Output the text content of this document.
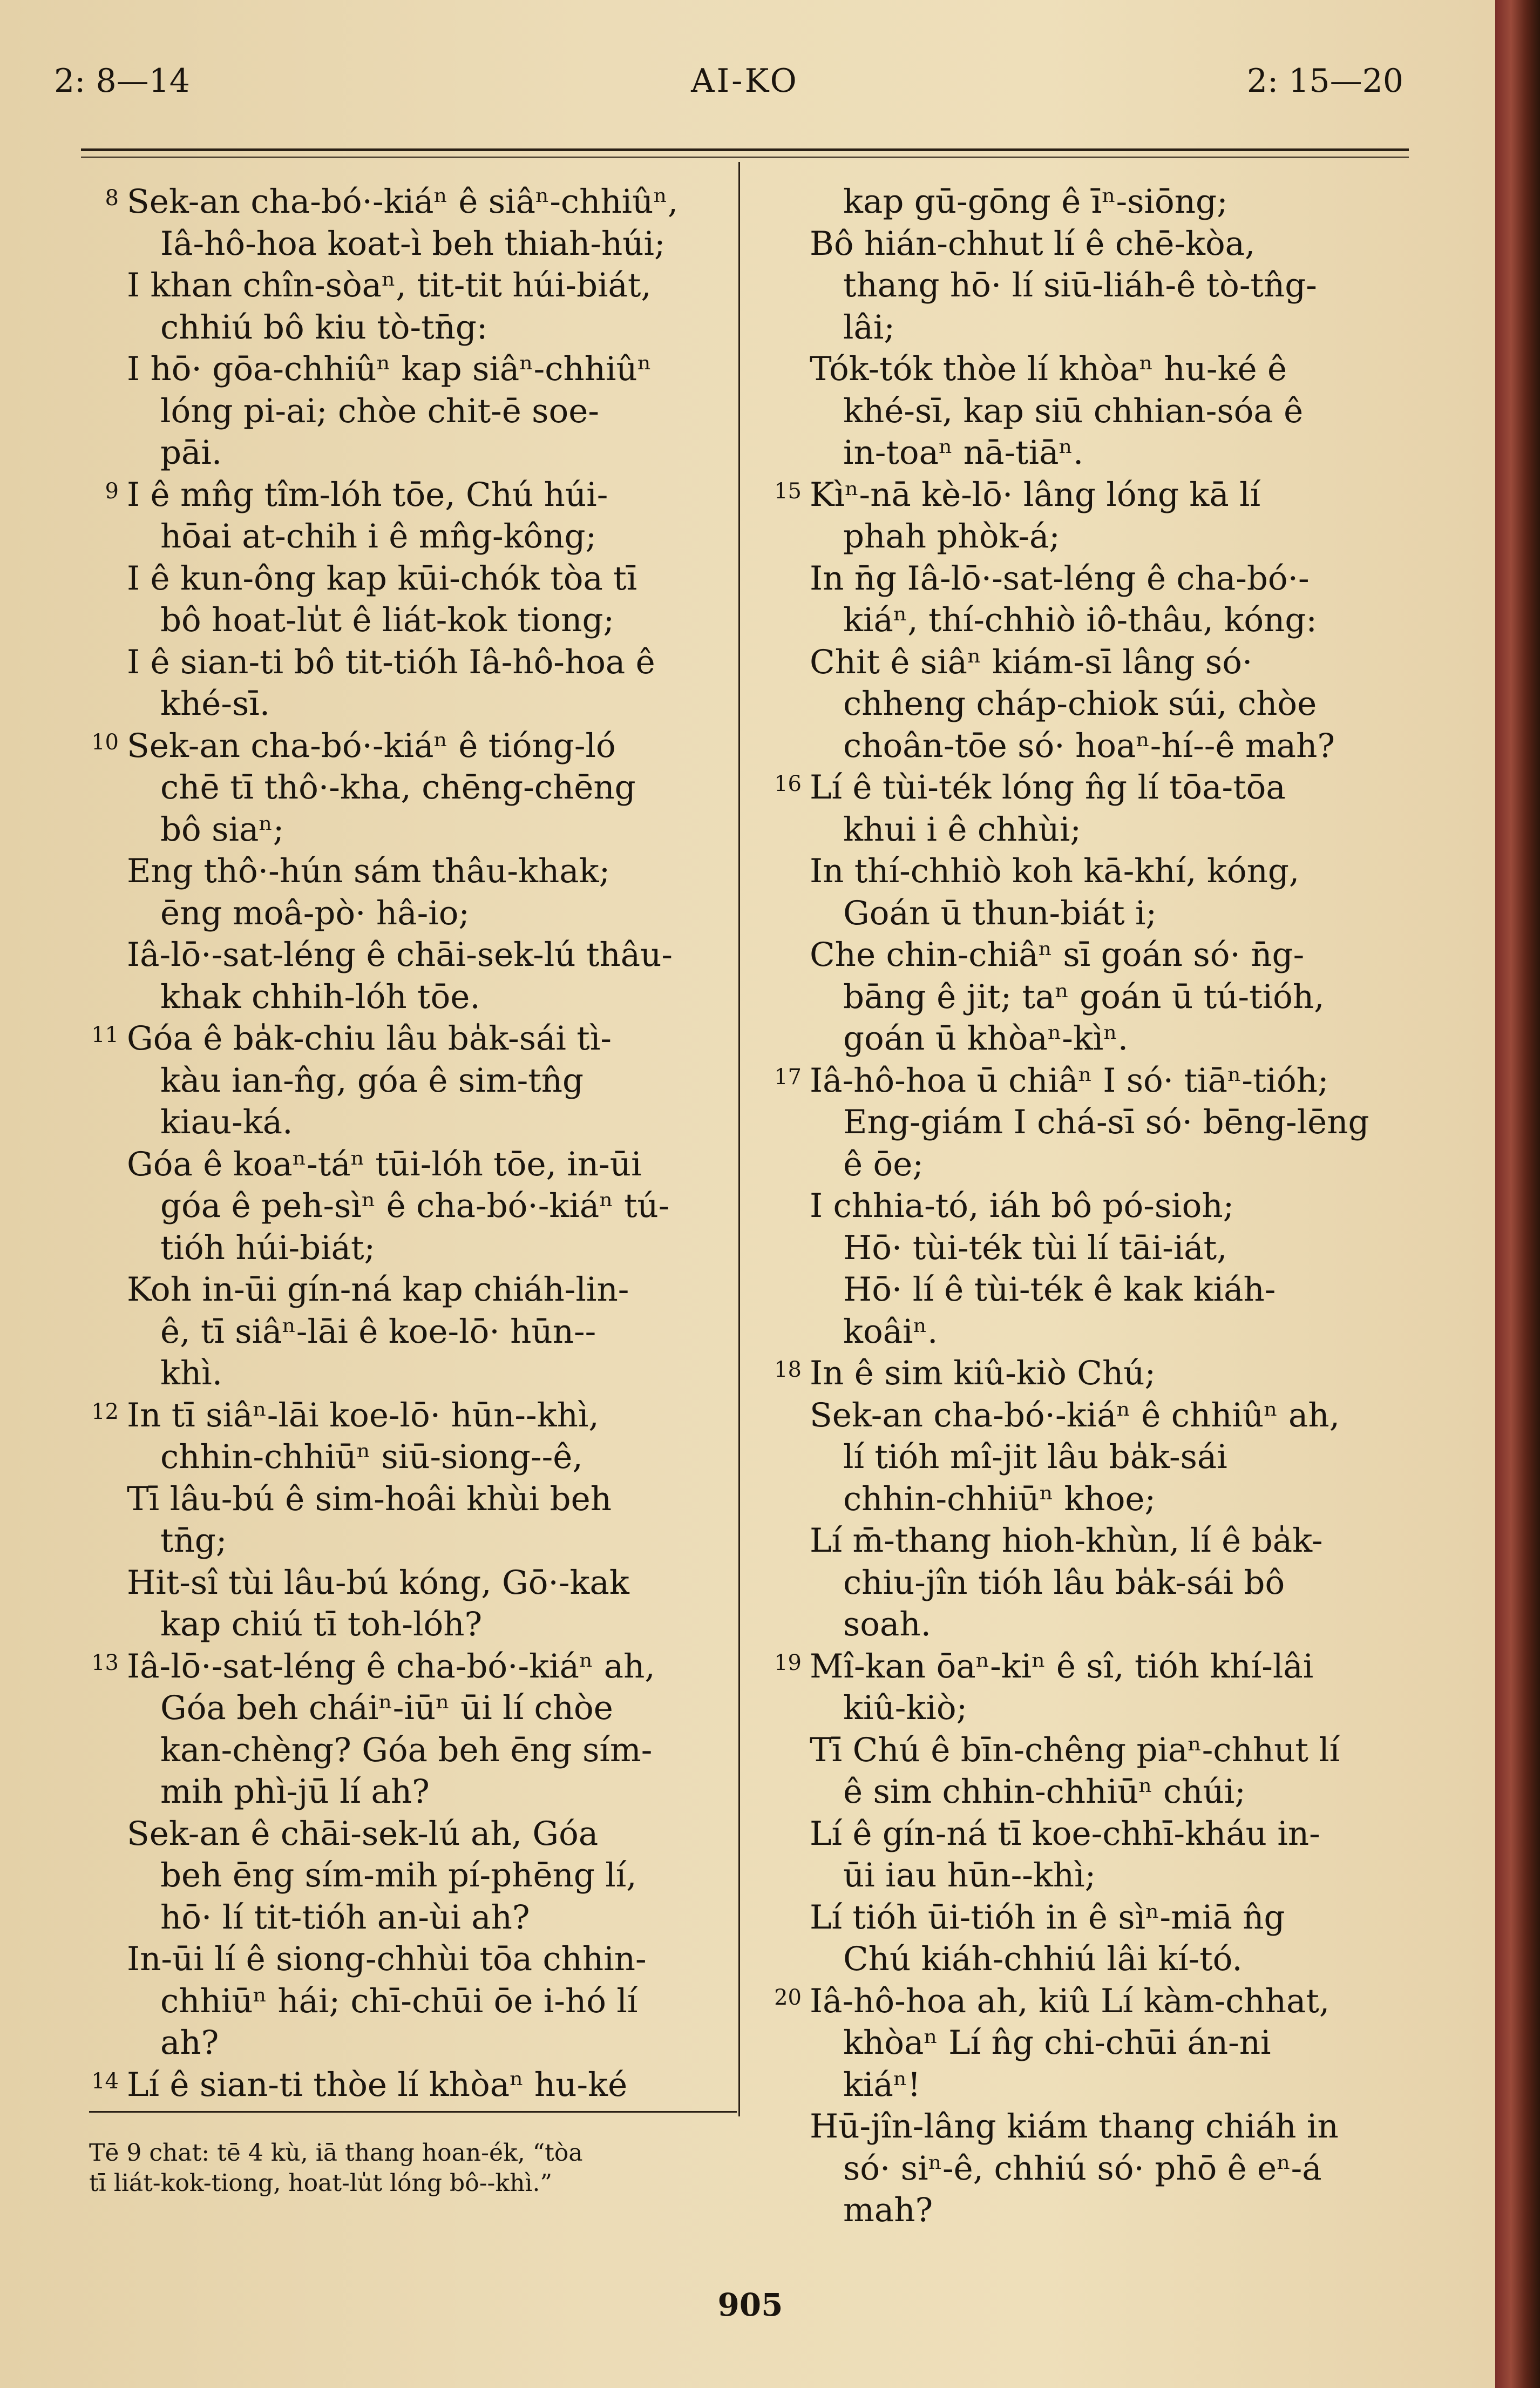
2: 8—14	AI-KO	2: 15—20
8 Sek-an cha-bó·-kiáⁿ ê siâⁿ-chhiûⁿ,
Iâ-hô-hoa koat-ì beh thiah-húi;
I khan chîn-sòaⁿ, tit-tit húi-biát,
chhiú bô kiu tò-tn̄g:
I hō· gōa-chhiûⁿ kap siâⁿ-chhiûⁿ
lóng pi-ai; chòe chit-ē soe-
pāi.
9 I ê mn̂g tîm-lóh tōe, Chú húi-
hōai at-chih i ê mn̂g-kông;
I ê kun-ông kap kūi-chók tòa tī
bô hoat-lu̍t ê liát-kok tiong;
I ê sian-ti bô tit-tióh Iâ-hô-hoa ê
khé-sī.
10 Sek-an cha-bó·-kiáⁿ ê tióng-ló
chē tī thô·-kha, chēng-chēng
bô siaⁿ;
Eng thô·-hún sám thâu-khak;
ēng moâ-pò· hâ-io;
Iâ-lō·-sat-léng ê chāi-sek-lú thâu-
khak chhih-lóh tōe.
11 Góa ê ba̍k-chiu lâu ba̍k-sái tì-
kàu ian-n̂g, góa ê sim-tn̂g
kiau-ká.
Góa ê koaⁿ-táⁿ tūi-lóh tōe, in-ūi
góa ê peh-sìⁿ ê cha-bó·-kiáⁿ tú-
tióh húi-biát;
Koh in-ūi gín-ná kap chiáh-lin-
ê, tī siâⁿ-lāi ê koe-lō· hūn--
khì.
12 In tī siâⁿ-lāi koe-lō· hūn--khì,
chhin-chhiūⁿ siū-siong--ê,
Tī lâu-bú ê sim-hoâi khùi beh
tn̄g;
Hit-sî tùi lâu-bú kóng, Gō·-kak
kap chiú tī toh-lóh?
13 Iâ-lō·-sat-léng ê cha-bó·-kiáⁿ ah,
Góa beh cháiⁿ-iūⁿ ūi lí chòe
kan-chèng? Góa beh ēng sím-
mih phì-jū lí ah?
Sek-an ê chāi-sek-lú ah, Góa
beh ēng sím-mih pí-phēng lí,
hō· lí tit-tióh an-ùi ah?
In-ūi lí ê siong-chhùi tōa chhin-
chhiūⁿ hái; chī-chūi ōe i-hó lí
ah?
14 Lí ê sian-ti thòe lí khòaⁿ hu-ké
kap gū-gōng ê īⁿ-siōng;
Bô hián-chhut lí ê chē-kòa,
thang hō· lí siū-liáh-ê tò-tn̂g-
lâi;
Tók-tók thòe lí khòaⁿ hu-ké ê
khé-sī, kap siū chhian-sóa ê
in-toaⁿ nā-tiāⁿ.
15 Kìⁿ-nā kè-lō· lâng lóng kā lí
phah phòk-á;
In n̄g Iâ-lō·-sat-léng ê cha-bó·-
kiáⁿ, thí-chhiò iô-thâu, kóng:
Chit ê siâⁿ kiám-sī lâng só·
chheng cháp-chiok súi, chòe
choân-tōe só· hoaⁿ-hí--ê mah?
16 Lí ê tùi-ték lóng n̂g lí tōa-tōa
khui i ê chhùi;
In thí-chhiò koh kā-khí, kóng,
Goán ū thun-biát i;
Che chin-chiâⁿ sī goán só· n̄g-
bāng ê jit; taⁿ goán ū tú-tióh,
goán ū khòaⁿ-kìⁿ.
17 Iâ-hô-hoa ū chiâⁿ I só· tiāⁿ-tióh;
Eng-giám I chá-sī só· bēng-lēng
ê ōe;
I chhia-tó, iáh bô pó-sioh;
Hō· tùi-ték tùi lí tāi-iát,
Hō· lí ê tùi-ték ê kak kiáh-
koâiⁿ.
18 In ê sim kiû-kiò Chú;
Sek-an cha-bó·-kiáⁿ ê chhiûⁿ ah,
lí tióh mî-jit lâu ba̍k-sái
chhin-chhiūⁿ khoe;
Lí m̄-thang hioh-khùn, lí ê ba̍k-
chiu-jîn tióh lâu ba̍k-sái bô
soah.
19 Mî-kan ōaⁿ-kiⁿ ê sî, tióh khí-lâi
kiû-kiò;
Tī Chú ê bīn-chêng piaⁿ-chhut lí
ê sim chhin-chhiūⁿ chúi;
Lí ê gín-ná tī koe-chhī-kháu in-
ūi iau hūn--khì;
Lí tióh ūi-tióh in ê sìⁿ-miā n̂g
Chú kiáh-chhiú lâi kí-tó.
20 Iâ-hô-hoa ah, kiû Lí kàm-chhat,
khòaⁿ Lí n̂g chi-chūi án-ni
kiáⁿ!
Hū-jîn-lâng kiám thang chiáh in
só· siⁿ-ê, chhiú só· phō ê eⁿ-á
mah?
Tē 9 chat: tē 4 kù, iā thang hoan-ék, “tòa
tī liát-kok-tiong, hoat-lu̍t lóng bô--khì.”
905
